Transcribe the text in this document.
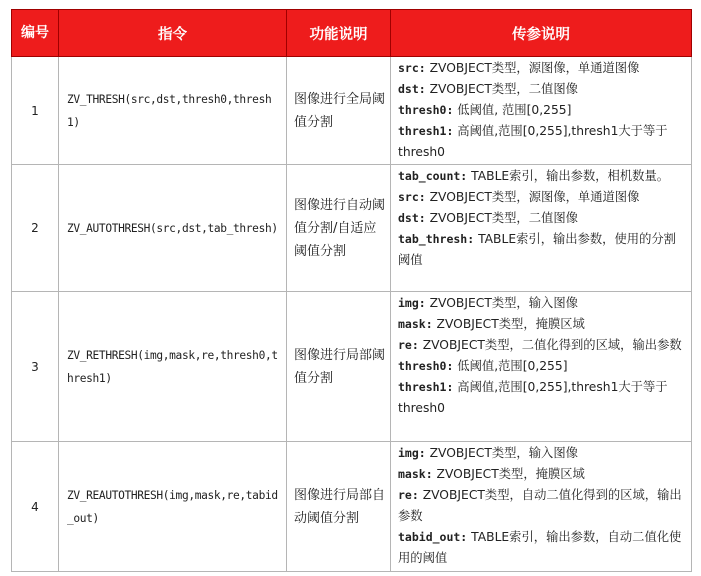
编号	指令	功能说明	传参说明
1	ZV_THRESH(src,dst,thresh0,thresh1)	图像进行全局阈值分割	src: ZVOBJECT类型，源图像，单通道图像
dst: ZVOBJECT类型，二值图像
thresh0: 低阈值, 范围[0,255]
thresh1: 高阈值,范围[0,255],thresh1大于等于thresh0

2	ZV_AUTOTHRESH(src,dst,tab_thresh)	图像进行自动阈值分割/自适应阈值分割	tab_count: TABLE索引，输出参数，相机数量。
src: ZVOBJECT类型，源图像，单通道图像
dst: ZVOBJECT类型，二值图像
tab_thresh: TABLE索引，输出参数，使用的分割阈值

3	ZV_RETHRESH(img,mask,re,thresh0,thresh1)	图像进行局部阈值分割	img: ZVOBJECT类型，输入图像
mask: ZVOBJECT类型，掩膜区域
re: ZVOBJECT类型，二值化得到的区域，输出参数
thresh0: 低阈值,范围[0,255]
thresh1: 高阈值,范围[0,255],thresh1大于等于thresh0

4	ZV_REAUTOTHRESH(img,mask,re,tabid_out)	图像进行局部自动阈值分割	img: ZVOBJECT类型，输入图像
mask: ZVOBJECT类型，掩膜区域
re: ZVOBJECT类型，自动二值化得到的区域，输出参数
tabid_out: TABLE索引，输出参数，自动二值化使用的阈值
